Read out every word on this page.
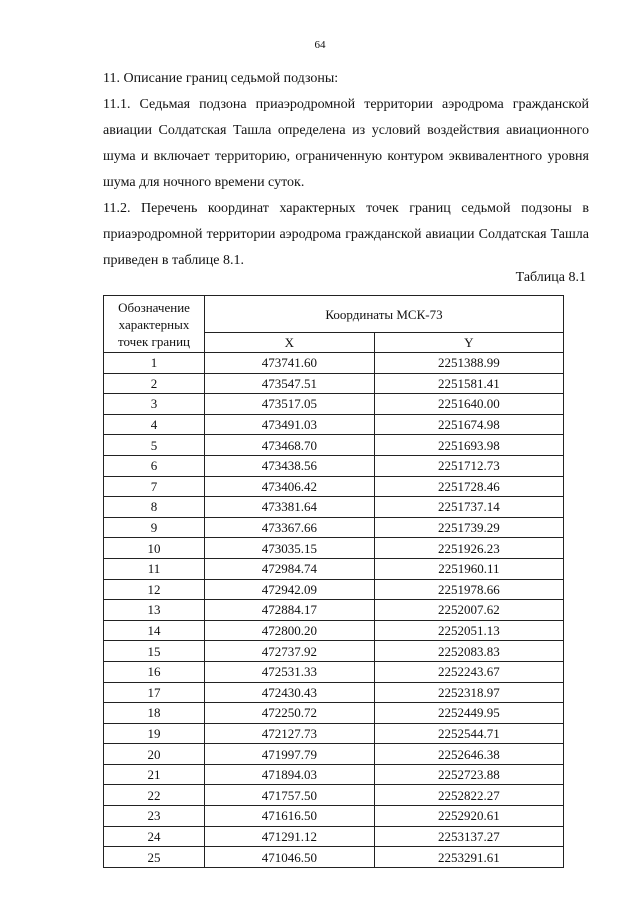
64
11. Описание границ седьмой подзоны:
11.1. Седьмая подзона приаэродромной территории аэродрома гражданской авиации Солдатская Ташла определена из условий воздействия авиационного шума и включает территорию, ограниченную контуром эквивалентного уровня шума для ночного времени суток.
11.2. Перечень координат характерных точек границ седьмой подзоны в приаэродромной территории аэродрома гражданской авиации Солдатская Ташла приведен в таблице 8.1.
Таблица 8.1
Обозначение характерных точек границ	Координаты МСК-73	
	X	Y
1	473741.60	2251388.99
2	473547.51	2251581.41
3	473517.05	2251640.00
4	473491.03	2251674.98
5	473468.70	2251693.98
6	473438.56	2251712.73
7	473406.42	2251728.46
8	473381.64	2251737.14
9	473367.66	2251739.29
10	473035.15	2251926.23
11	472984.74	2251960.11
12	472942.09	2251978.66
13	472884.17	2252007.62
14	472800.20	2252051.13
15	472737.92	2252083.83
16	472531.33	2252243.67
17	472430.43	2252318.97
18	472250.72	2252449.95
19	472127.73	2252544.71
20	471997.79	2252646.38
21	471894.03	2252723.88
22	471757.50	2252822.27
23	471616.50	2252920.61
24	471291.12	2253137.27
25	471046.50	2253291.61
